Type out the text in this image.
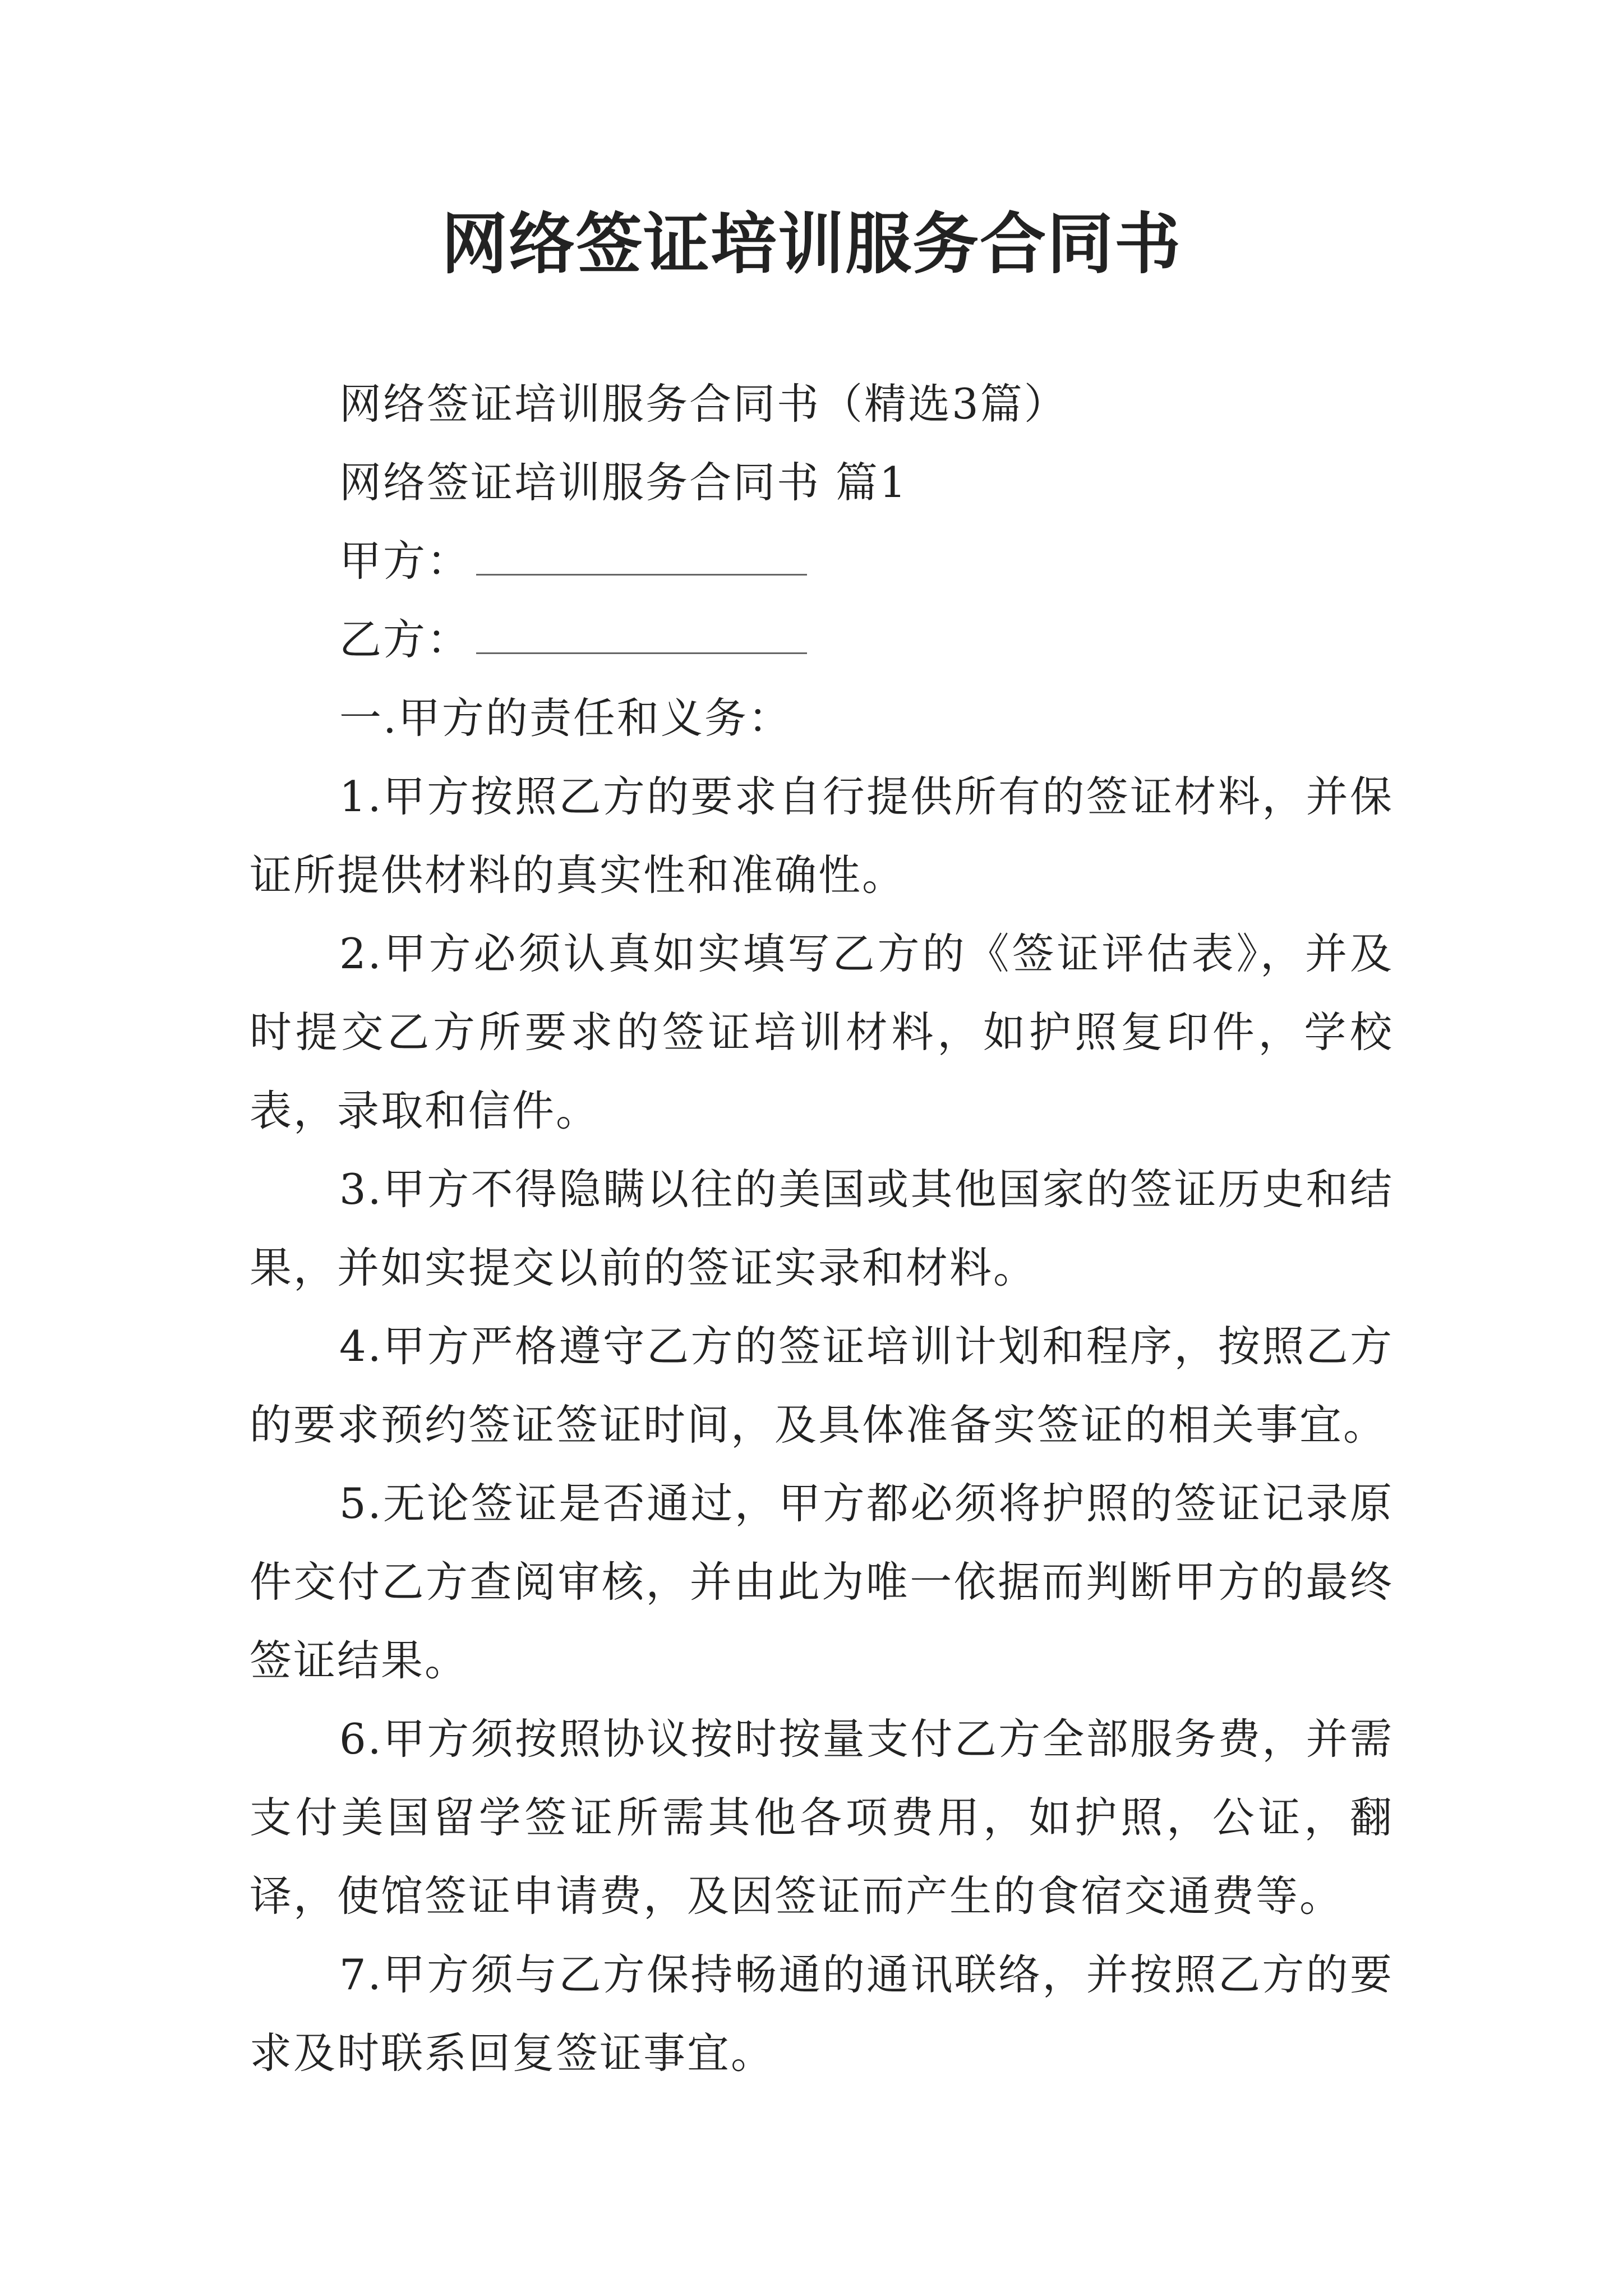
网络签证培训服务合同书

网络签证培训服务合同书（精选3篇）

网络签证培训服务合同书 篇1

甲方：

乙方：

一.甲方的责任和义务：

1.甲方按照乙方的要求自行提供所有的签证材料，并保证所提供材料的真实性和准确性。

2.甲方必须认真如实填写乙方的《签证评估表》，并及时提交乙方所要求的签证培训材料，如护照复印件，学校表，录取和信件。

3.甲方不得隐瞒以往的美国或其他国家的签证历史和结果，并如实提交以前的签证实录和材料。

4.甲方严格遵守乙方的签证培训计划和程序，按照乙方的要求预约签证签证时间，及具体准备实签证的相关事宜。

5.无论签证是否通过，甲方都必须将护照的签证记录原件交付乙方查阅审核，并由此为唯一依据而判断甲方的最终签证结果。

6.甲方须按照协议按时按量支付乙方全部服务费，并需支付美国留学签证所需其他各项费用，如护照，公证，翻译，使馆签证申请费，及因签证而产生的食宿交通费等。

7.甲方须与乙方保持畅通的通讯联络，并按照乙方的要求及时联系回复签证事宜。
